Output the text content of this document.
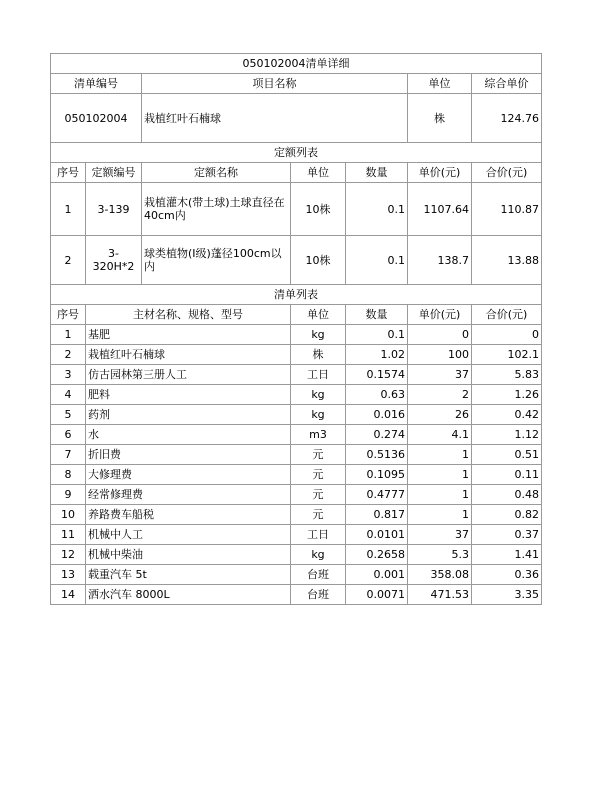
050102004清单详细						
清单编号		项目名称			单位	综合单价
050102004		栽植红叶石楠球			株	124.76
定额列表						
序号	定额编号	定额名称	单位	数量	单价(元)	合价(元)
1	3-139	栽植灌木(带土球)土球直径在40cm内	10株	0.1	1107.64	110.87
2	3-320H*2	球类植物(I级)蓬径100cm以内	10株	0.1	138.7	13.88
清单列表						
序号	主材名称、规格、型号		单位	数量	单价(元)	合价(元)
1	基肥		kg	0.1	0	0
2	栽植红叶石楠球		株	1.02	100	102.1
3	仿古园林第三册人工		工日	0.1574	37	5.83
4	肥料		kg	0.63	2	1.26
5	药剂		kg	0.016	26	0.42
6	水		m3	0.274	4.1	1.12
7	折旧费		元	0.5136	1	0.51
8	大修理费		元	0.1095	1	0.11
9	经常修理费		元	0.4777	1	0.48
10	养路费车船税		元	0.817	1	0.82
11	机械中人工		工日	0.0101	37	0.37
12	机械中柴油		kg	0.2658	5.3	1.41
13	载重汽车 5t		台班	0.001	358.08	0.36
14	洒水汽车 8000L		台班	0.0071	471.53	3.35
